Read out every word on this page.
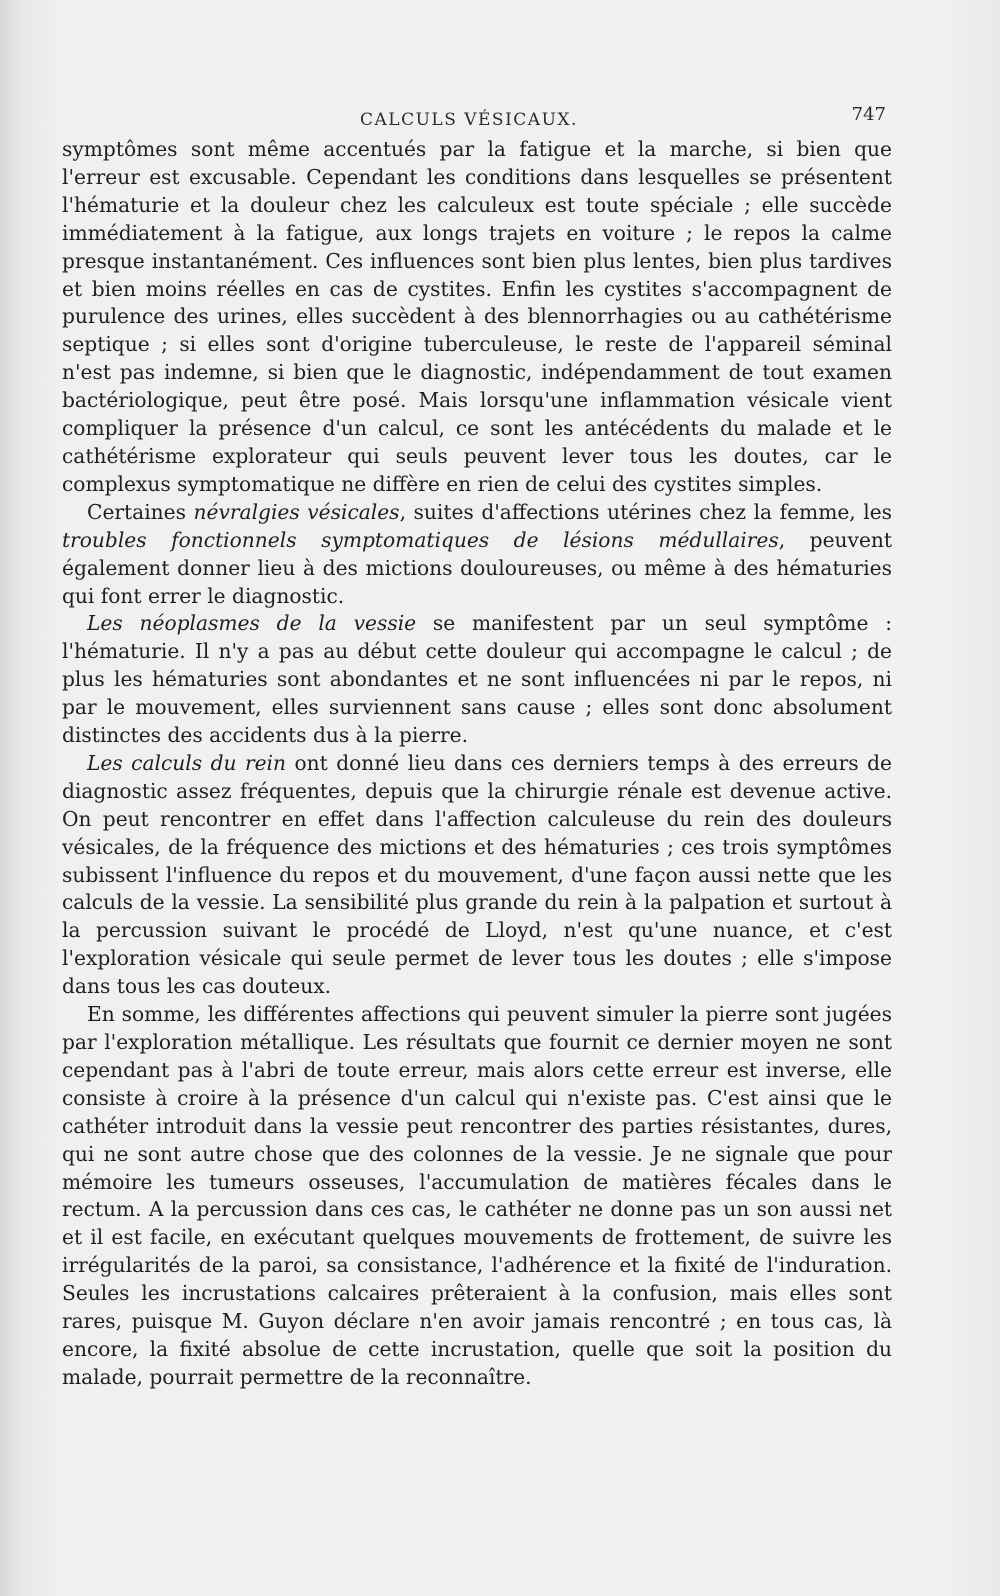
CALCULS VÉSICAUX.	747

symptômes sont même accentués par la fatigue et la marche, si bien que l'erreur est excusable. Cependant les conditions dans lesquelles se présentent l'hématurie et la douleur chez les calculeux est toute spéciale ; elle succède immédiatement à la fatigue, aux longs trajets en voiture ; le repos la calme presque instantanément. Ces influences sont bien plus lentes, bien plus tardives et bien moins réelles en cas de cystites. Enfin les cystites s'accompagnent de purulence des urines, elles succèdent à des blennorrhagies ou au cathétérisme septique ; si elles sont d'origine tuberculeuse, le reste de l'appareil séminal n'est pas indemne, si bien que le diagnostic, indépendamment de tout examen bactériologique, peut être posé. Mais lorsqu'une inflammation vésicale vient compliquer la présence d'un calcul, ce sont les antécédents du malade et le cathétérisme explorateur qui seuls peuvent lever tous les doutes, car le complexus symptomatique ne diffère en rien de celui des cystites simples.

Certaines névralgies vésicales, suites d'affections utérines chez la femme, les troubles fonctionnels symptomatiques de lésions médullaires, peuvent également donner lieu à des mictions douloureuses, ou même à des hématuries qui font errer le diagnostic.

Les néoplasmes de la vessie se manifestent par un seul symptôme : l'hématurie. Il n'y a pas au début cette douleur qui accompagne le calcul ; de plus les hématuries sont abondantes et ne sont influencées ni par le repos, ni par le mouvement, elles surviennent sans cause ; elles sont donc absolument distinctes des accidents dus à la pierre.

Les calculs du rein ont donné lieu dans ces derniers temps à des erreurs de diagnostic assez fréquentes, depuis que la chirurgie rénale est devenue active. On peut rencontrer en effet dans l'affection calculeuse du rein des douleurs vésicales, de la fréquence des mictions et des hématuries ; ces trois symptômes subissent l'influence du repos et du mouvement, d'une façon aussi nette que les calculs de la vessie. La sensibilité plus grande du rein à la palpation et surtout à la percussion suivant le procédé de Lloyd, n'est qu'une nuance, et c'est l'exploration vésicale qui seule permet de lever tous les doutes ; elle s'impose dans tous les cas douteux.

En somme, les différentes affections qui peuvent simuler la pierre sont jugées par l'exploration métallique. Les résultats que fournit ce dernier moyen ne sont cependant pas à l'abri de toute erreur, mais alors cette erreur est inverse, elle consiste à croire à la présence d'un calcul qui n'existe pas. C'est ainsi que le cathéter introduit dans la vessie peut rencontrer des parties résistantes, dures, qui ne sont autre chose que des colonnes de la vessie. Je ne signale que pour mémoire les tumeurs osseuses, l'accumulation de matières fécales dans le rectum. A la percussion dans ces cas, le cathéter ne donne pas un son aussi net et il est facile, en exécutant quelques mouvements de frottement, de suivre les irrégularités de la paroi, sa consistance, l'adhérence et la fixité de l'induration. Seules les incrustations calcaires prêteraient à la confusion, mais elles sont rares, puisque M. Guyon déclare n'en avoir jamais rencontré ; en tous cas, là encore, la fixité absolue de cette incrustation, quelle que soit la position du malade, pourrait permettre de la reconnaître.
